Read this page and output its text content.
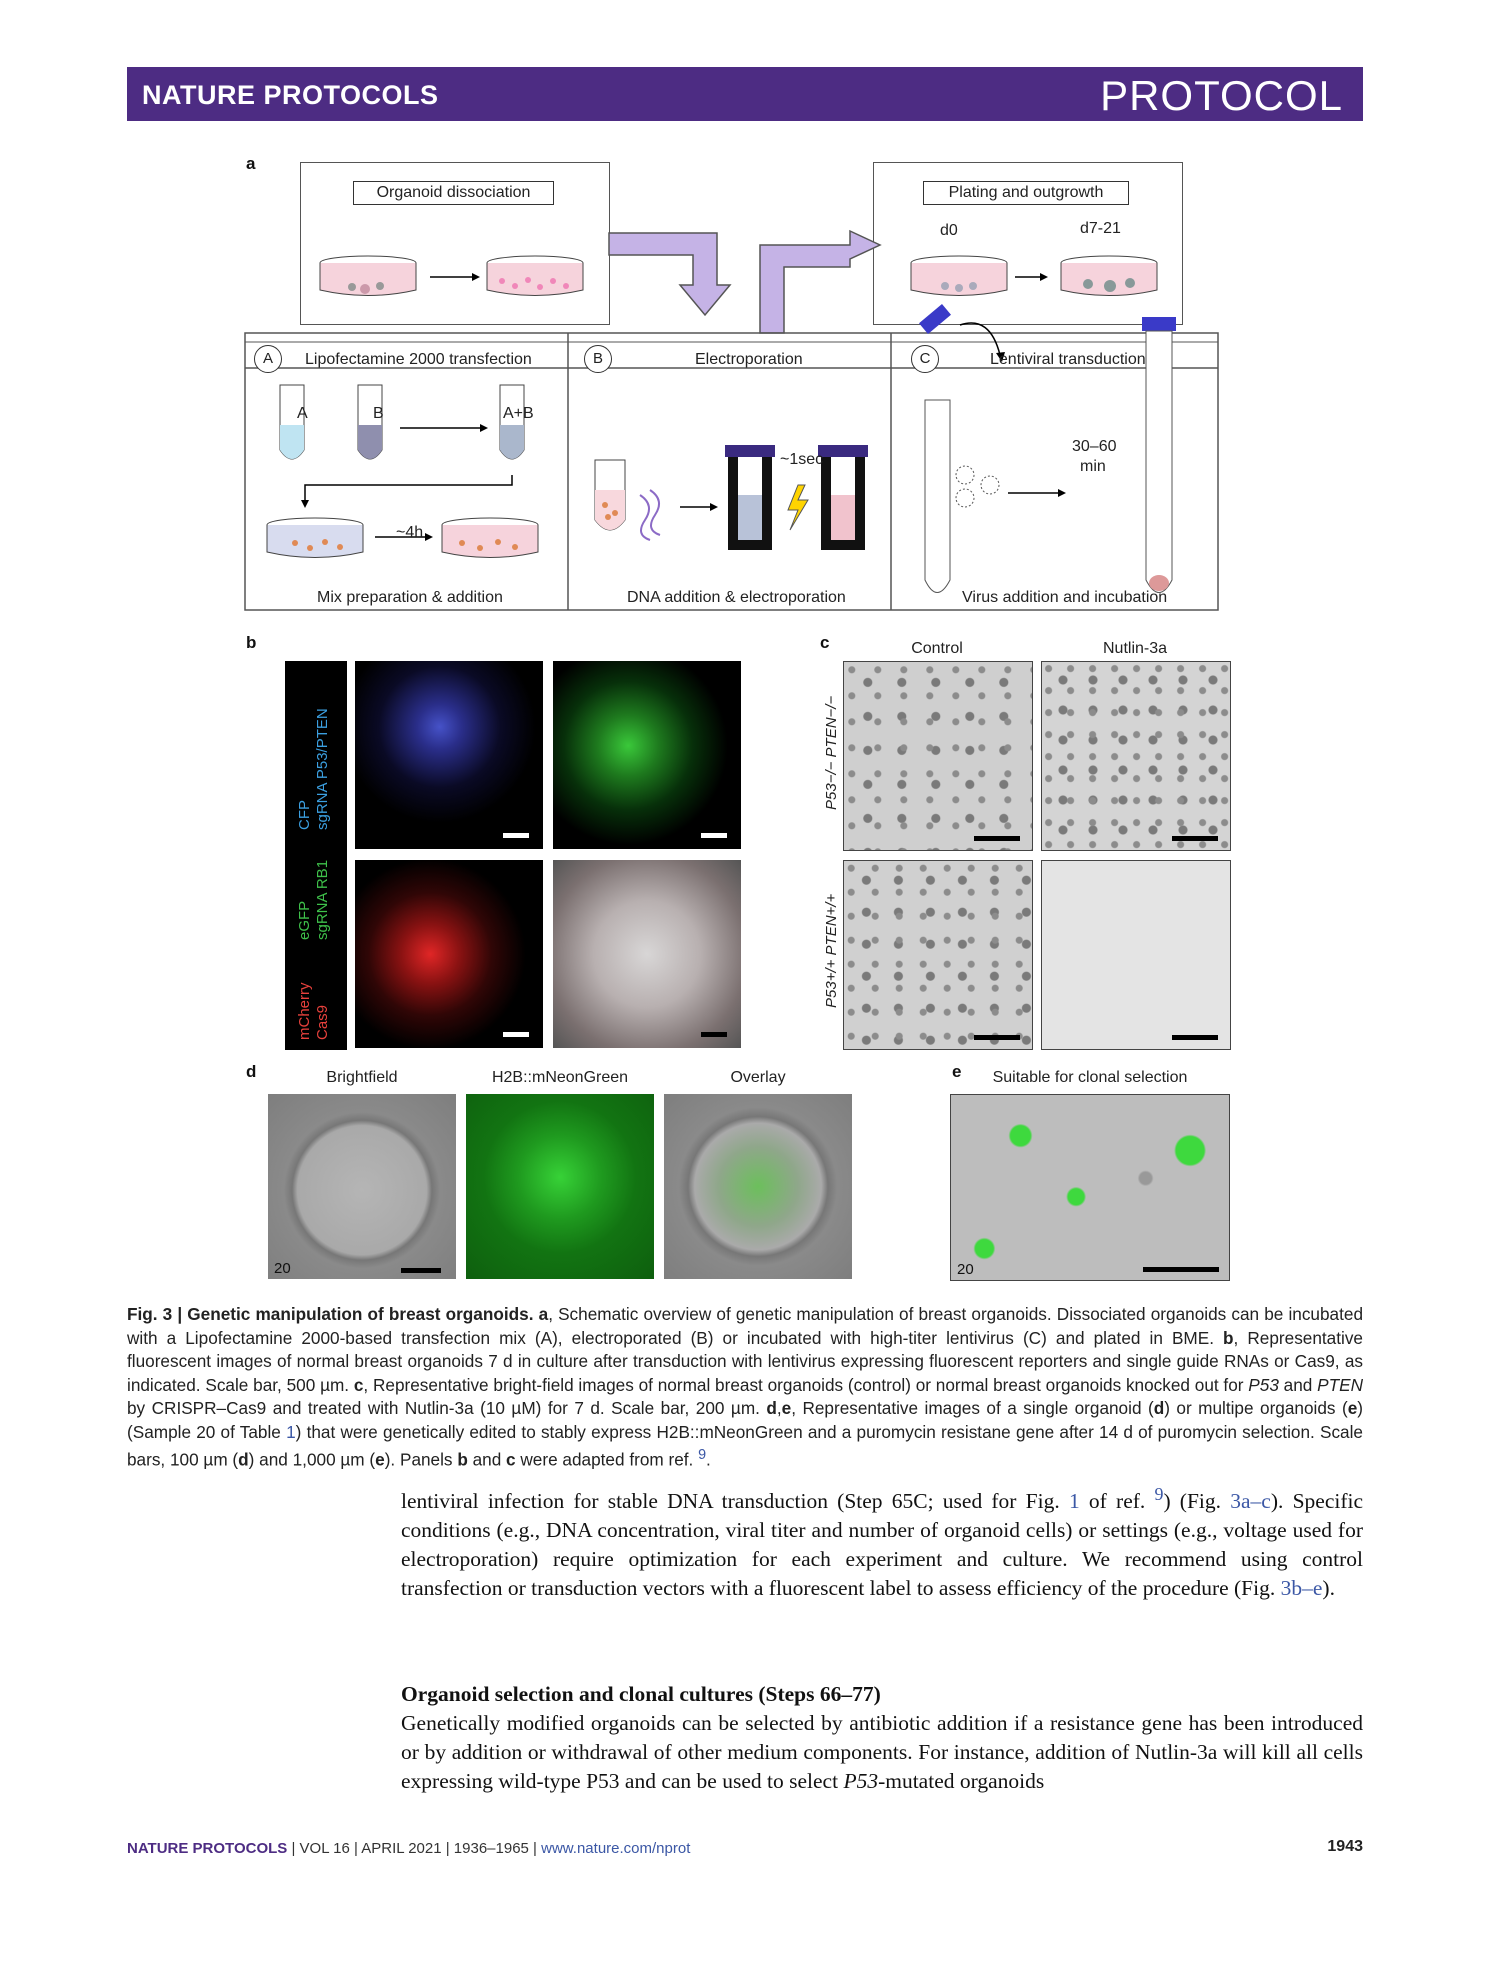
NATURE PROTOCOLS	PROTOCOL
a
Organoid dissociation	Plating and outgrowth
d0	d7-21
A	Lipofectamine 2000 transfection	B	Electroporation	C	Lentiviral transduction
A	B	A+B
~4h
~1sec
30–60
min
Mix preparation & addition	DNA addition & electroporation	Virus addition and incubation
b
CFP sgRNA P53/PTEN
eGFP sgRNA RB1
mCherry Cas9
c	Control	Nutlin-3a
P53−/− PTEN−/−
P53+/+ PTEN+/+
d	Brightfield	H2B::mNeonGreen	Overlay
20
e	Suitable for clonal selection
20
Fig. 3 | Genetic manipulation of breast organoids. a, Schematic overview of genetic manipulation of breast organoids. Dissociated organoids can be incubated with a Lipofectamine 2000-based transfection mix (A), electroporated (B) or incubated with high-titer lentivirus (C) and plated in BME. b, Representative fluorescent images of normal breast organoids 7 d in culture after transduction with lentivirus expressing fluorescent reporters and single guide RNAs or Cas9, as indicated. Scale bar, 500 µm. c, Representative bright-field images of normal breast organoids (control) or normal breast organoids knocked out for P53 and PTEN by CRISPR–Cas9 and treated with Nutlin-3a (10 µM) for 7 d. Scale bar, 200 µm. d,e, Representative images of a single organoid (d) or multipe organoids (e) (Sample 20 of Table 1) that were genetically edited to stably express H2B::mNeonGreen and a puromycin resistane gene after 14 d of puromycin selection. Scale bars, 100 µm (d) and 1,000 µm (e). Panels b and c were adapted from ref. $^9$.
lentiviral infection for stable DNA transduction (Step 65C; used for Fig. 1 of ref. $^9$) (Fig. 3a–c). Specific conditions (e.g., DNA concentration, viral titer and number of organoid cells) or settings (e.g., voltage used for electroporation) require optimization for each experiment and culture. We recommend using control transfection or transduction vectors with a fluorescent label to assess efficiency of the procedure (Fig. 3b–e).
Organoid selection and clonal cultures (Steps 66–77)
Genetically modified organoids can be selected by antibiotic addition if a resistance gene has been introduced or by addition or withdrawal of other medium components. For instance, addition of Nutlin-3a will kill all cells expressing wild-type P53 and can be used to select P53-mutated organoids
NATURE PROTOCOLS | VOL 16 | APRIL 2021 | 1936–1965 | www.nature.com/nprot	1943
